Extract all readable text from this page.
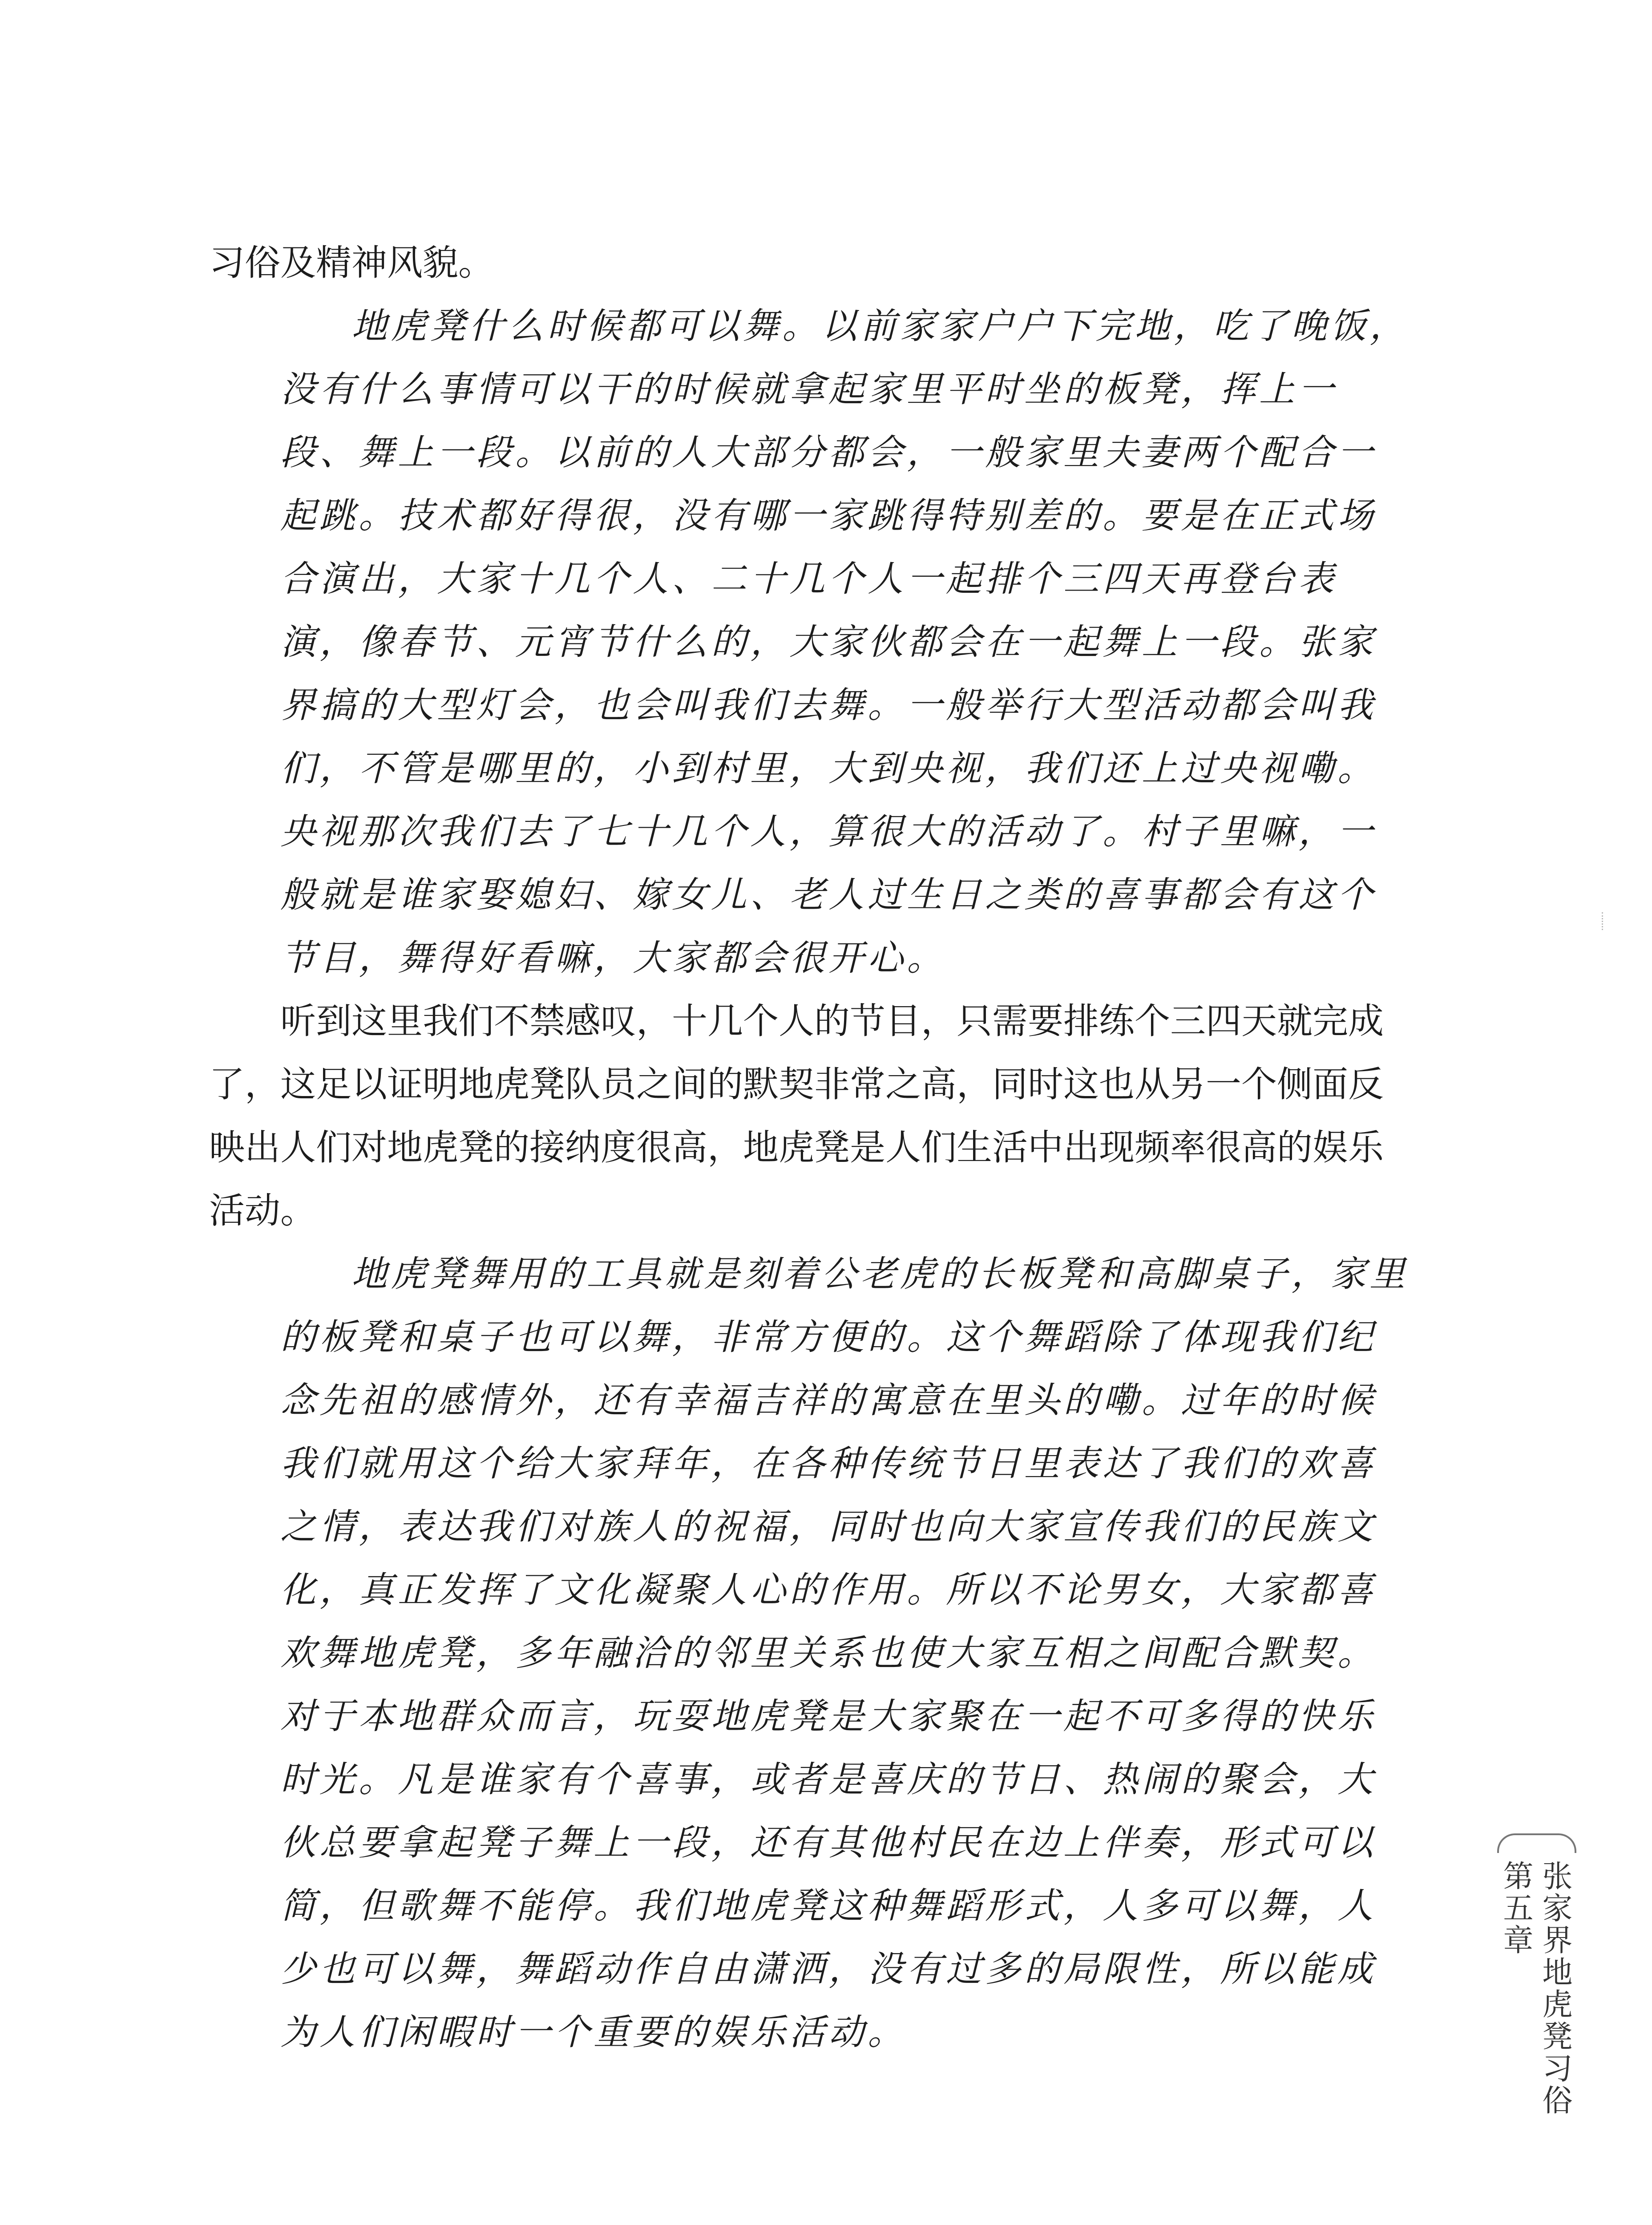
习俗及精神风貌。

地虎凳什么时候都可以舞。以前家家户户下完地，吃了晚饭，没有什么事情可以干的时候就拿起家里平时坐的板凳，挥上一段、舞上一段。以前的人大部分都会，一般家里夫妻两个配合一起跳。技术都好得很，没有哪一家跳得特别差的。要是在正式场合演出，大家十几个人、二十几个人一起排个三四天再登台表演，像春节、元宵节什么的，大家伙都会在一起舞上一段。张家界搞的大型灯会，也会叫我们去舞。一般举行大型活动都会叫我们，不管是哪里的，小到村里，大到央视，我们还上过央视嘞。央视那次我们去了七十几个人，算很大的活动了。村子里嘛，一般就是谁家娶媳妇、嫁女儿、老人过生日之类的喜事都会有这个节目，舞得好看嘛，大家都会很开心。

听到这里我们不禁感叹，十几个人的节目，只需要排练个三四天就完成了，这足以证明地虎凳队员之间的默契非常之高，同时这也从另一个侧面反映出人们对地虎凳的接纳度很高，地虎凳是人们生活中出现频率很高的娱乐活动。

地虎凳舞用的工具就是刻着公老虎的长板凳和高脚桌子，家里的板凳和桌子也可以舞，非常方便的。这个舞蹈除了体现我们纪念先祖的感情外，还有幸福吉祥的寓意在里头的嘞。过年的时候我们就用这个给大家拜年，在各种传统节日里表达了我们的欢喜之情，表达我们对族人的祝福，同时也向大家宣传我们的民族文化，真正发挥了文化凝聚人心的作用。所以不论男女，大家都喜欢舞地虎凳，多年融洽的邻里关系也使大家互相之间配合默契。对于本地群众而言，玩耍地虎凳是大家聚在一起不可多得的快乐时光。凡是谁家有个喜事，或者是喜庆的节日、热闹的聚会，大伙总要拿起凳子舞上一段，还有其他村民在边上伴奏，形式可以简，但歌舞不能停。我们地虎凳这种舞蹈形式，人多可以舞，人少也可以舞，舞蹈动作自由潇洒，没有过多的局限性，所以能成为人们闲暇时一个重要的娱乐活动。

第五章 张家界地虎凳习俗
